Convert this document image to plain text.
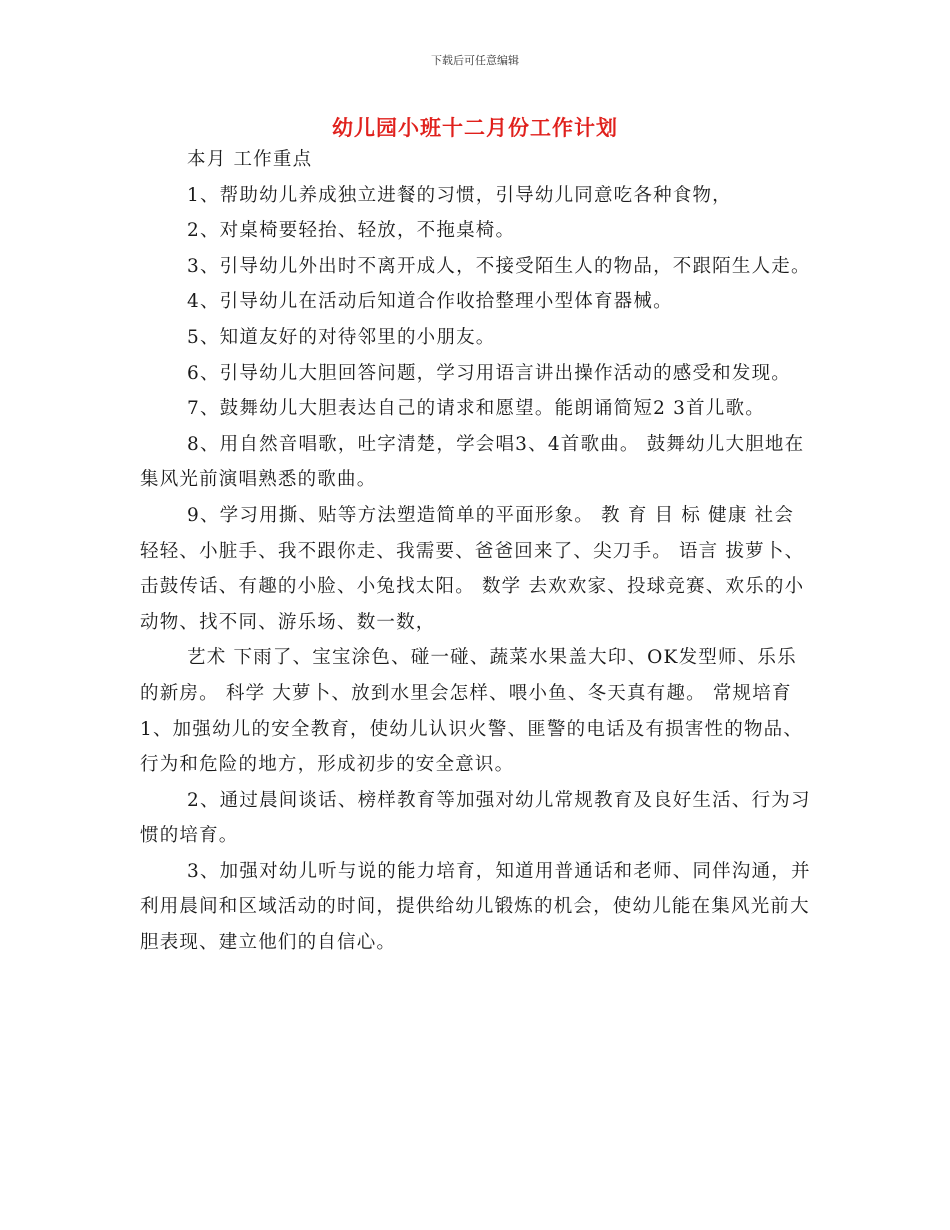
下载后可任意编辑
幼儿园小班十二月份工作计划

本月 工作重点

1、帮助幼儿养成独立进餐的习惯，引导幼儿同意吃各种食物，

2、对桌椅要轻抬、轻放，不拖桌椅。

3、引导幼儿外出时不离开成人，不接受陌生人的物品，不跟陌生人走。

4、引导幼儿在活动后知道合作收拾整理小型体育器械。

5、知道友好的对待邻里的小朋友。

6、引导幼儿大胆回答问题，学习用语言讲出操作活动的感受和发现。

7、鼓舞幼儿大胆表达自己的请求和愿望。能朗诵简短2 3首儿歌。

8、用自然音唱歌，吐字清楚，学会唱3、4首歌曲。 鼓舞幼儿大胆地在集风光前演唱熟悉的歌曲。

9、学习用撕、贴等方法塑造简单的平面形象。 教 育 目 标 健康 社会 轻轻、小脏手、我不跟你走、我需要、爸爸回来了、尖刀手。 语言 拔萝卜、击鼓传话、有趣的小脸、小兔找太阳。 数学 去欢欢家、投球竞赛、欢乐的小动物、找不同、游乐场、数一数，

艺术 下雨了、宝宝涂色、碰一碰、蔬菜水果盖大印、OK发型师、乐乐的新房。 科学 大萝卜、放到水里会怎样、喂小鱼、冬天真有趣。 常规培育 1、加强幼儿的安全教育，使幼儿认识火警、匪警的电话及有损害性的物品、行为和危险的地方，形成初步的安全意识。

2、通过晨间谈话、榜样教育等加强对幼儿常规教育及良好生活、行为习惯的培育。

3、加强对幼儿听与说的能力培育，知道用普通话和老师、同伴沟通，并利用晨间和区域活动的时间，提供给幼儿锻炼的机会，使幼儿能在集风光前大胆表现、建立他们的自信心。
